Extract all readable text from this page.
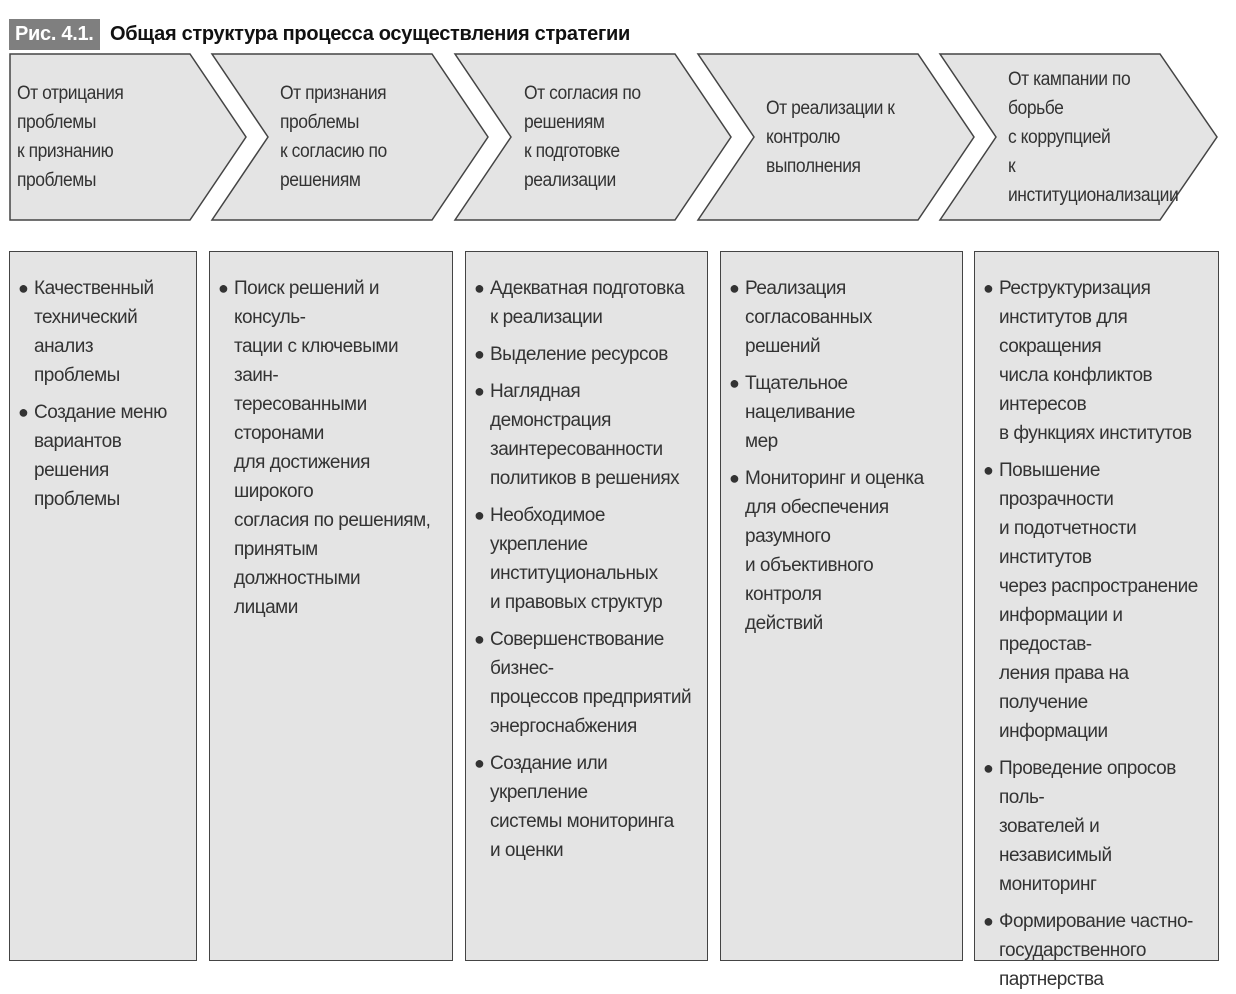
Рис. 4.1. Общая структура процесса осуществления стратегии
От отрицания проблемы
к признанию проблемы
От признания проблемы
к согласию по решениям
От согласия по решениям
к подготовке реализации
От реализации к контролю
выполнения
От кампании по борьбе
с коррупцией
к институционализации
● Качественный
технический анализ
проблемы
● Создание меню
вариантов решения
проблемы
● Поиск решений и консуль-
тации с ключевыми заин-
тересованными сторонами
для достижения широкого
согласия по решениям,
принятым должностными
лицами
● Адекватная подготовка
к реализации
● Выделение ресурсов
● Наглядная демонстрация
заинтересованности
политиков в решениях
● Необходимое укрепление
институциональных
и правовых структур
● Совершенствование бизнес-
процессов предприятий
энергоснабжения
● Создание или укрепление
системы мониторинга
и оценки
● Реализация согласованных
решений
● Тщательное нацеливание
мер
● Мониторинг и оценка
для обеспечения разумного
и объективного контроля
действий
● Реструктуризация
институтов для сокращения
числа конфликтов интересов
в функциях институтов
● Повышение прозрачности
и подотчетности институтов
через распространение
информации и предостав-
ления права на получение
информации
● Проведение опросов поль-
зователей и независимый
мониторинг
● Формирование частно-
государственного
партнерства
